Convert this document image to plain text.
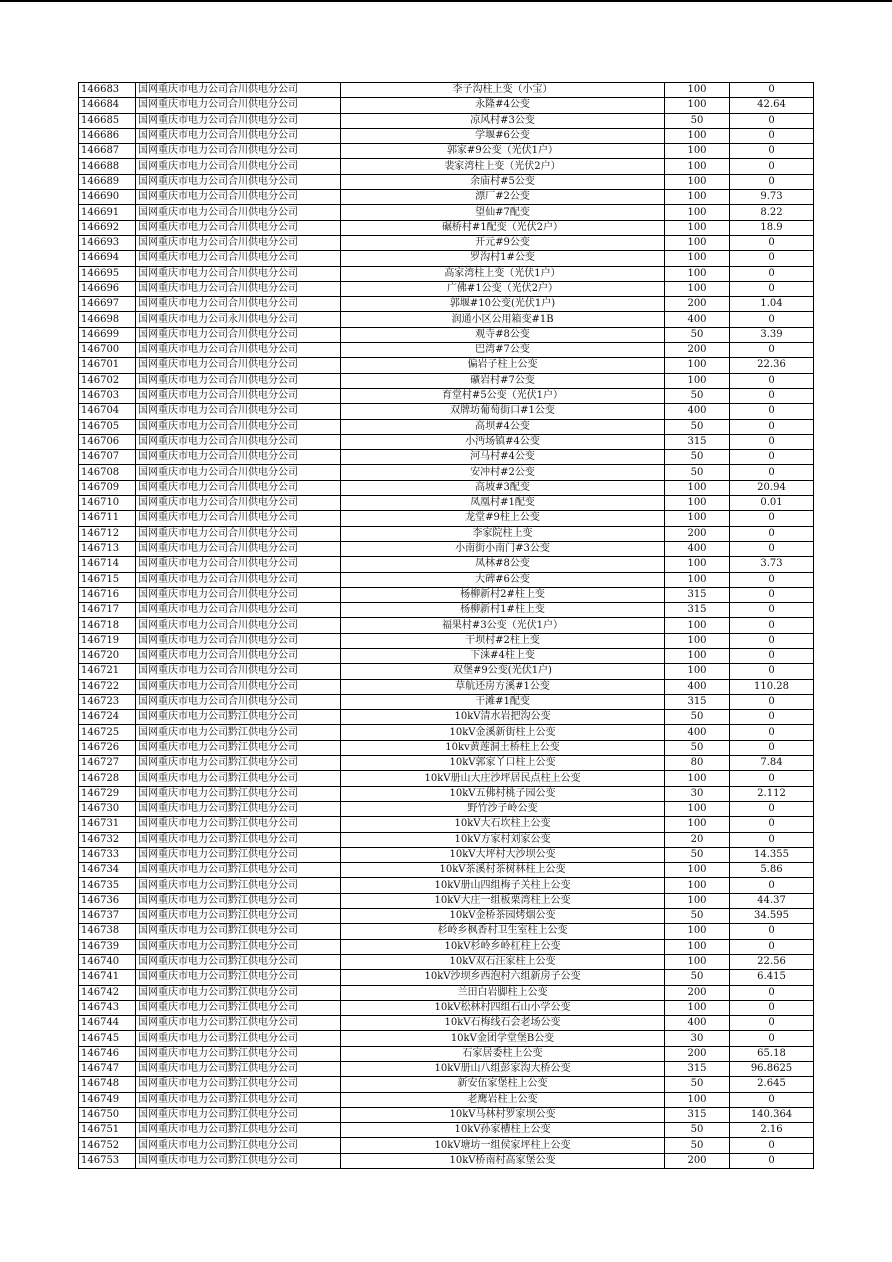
146683	国网重庆市电力公司合川供电分公司	李子沟柱上变（小宝）	100	0
146684	国网重庆市电力公司合川供电分公司	永隆#4公变	100	42.64
146685	国网重庆市电力公司合川供电分公司	凉风村#3公变	50	0
146686	国网重庆市电力公司合川供电分公司	学堰#6公变	100	0
146687	国网重庆市电力公司合川供电分公司	郭家#9公变（光伏1户）	100	0
146688	国网重庆市电力公司合川供电分公司	裴家湾柱上变（光伏2户）	100	0
146689	国网重庆市电力公司合川供电分公司	余庙村#5公变	100	0
146690	国网重庆市电力公司合川供电分公司	漂厂#2公变	100	9.73
146691	国网重庆市电力公司合川供电分公司	望仙#7配变	100	8.22
146692	国网重庆市电力公司合川供电分公司	碾桥村#1配变（光伏2户）	100	18.9
146693	国网重庆市电力公司合川供电分公司	开元#9公变	100	0
146694	国网重庆市电力公司合川供电分公司	罗沟村1#公变	100	0
146695	国网重庆市电力公司合川供电分公司	高家湾柱上变（光伏1户）	100	0
146696	国网重庆市电力公司合川供电分公司	广佛#1公变（光伏2户）	100	0
146697	国网重庆市电力公司合川供电分公司	郭堰#10公变(光伏1户)	200	1.04
146698	国网重庆市电力公司永川供电分公司	润通小区公用箱变#1B	400	0
146699	国网重庆市电力公司合川供电分公司	观寺#8公变	50	3.39
146700	国网重庆市电力公司合川供电分公司	巴湾#7公变	200	0
146701	国网重庆市电力公司合川供电分公司	偏岩子柱上公变	100	22.36
146702	国网重庆市电力公司合川供电分公司	礦岩村#7公变	100	0
146703	国网重庆市电力公司合川供电分公司	育堂村#5公变（光伏1户）	50	0
146704	国网重庆市电力公司合川供电分公司	双牌坊葡萄街口#1公变	400	0
146705	国网重庆市电力公司合川供电分公司	高坝#4公变	50	0
146706	国网重庆市电力公司合川供电分公司	小沔场镇#4公变	315	0
146707	国网重庆市电力公司合川供电分公司	河马村#4公变	50	0
146708	国网重庆市电力公司合川供电分公司	安冲村#2公变	50	0
146709	国网重庆市电力公司合川供电分公司	高坡#3配变	100	20.94
146710	国网重庆市电力公司合川供电分公司	凤凰村#1配变	100	0.01
146711	国网重庆市电力公司合川供电分公司	龙堂#9柱上公变	100	0
146712	国网重庆市电力公司合川供电分公司	李家院柱上变	200	0
146713	国网重庆市电力公司合川供电分公司	小南街小南门#3公变	400	0
146714	国网重庆市电力公司合川供电分公司	凤林#8公变	100	3.73
146715	国网重庆市电力公司合川供电分公司	大碑#6公变	100	0
146716	国网重庆市电力公司合川供电分公司	杨柳新村2#柱上变	315	0
146717	国网重庆市电力公司合川供电分公司	杨柳新村1#柱上变	315	0
146718	国网重庆市电力公司合川供电分公司	福果村#3公变（光伏1户）	100	0
146719	国网重庆市电力公司合川供电分公司	干坝村#2柱上变	100	0
146720	国网重庆市电力公司合川供电分公司	下涞#4柱上变	100	0
146721	国网重庆市电力公司合川供电分公司	双堡#9公变(光伏1户)	100	0
146722	国网重庆市电力公司合川供电分公司	草航还房方溪#1公变	400	110.28
146723	国网重庆市电力公司合川供电分公司	干滩#1配变	315	0
146724	国网重庆市电力公司黔江供电分公司	10kV清水岩把沟公变	50	0
146725	国网重庆市电力公司黔江供电分公司	10kV金溪新街柱上公变	400	0
146726	国网重庆市电力公司黔江供电分公司	10kv黄莲洞土桥柱上公变	50	0
146727	国网重庆市电力公司黔江供电分公司	10kV郭家丫口柱上公变	80	7.84
146728	国网重庆市电力公司黔江供电分公司	10kV册山大庄沙坪居民点柱上公变	100	0
146729	国网重庆市电力公司黔江供电分公司	10kV五佛村桃子园公变	30	2.112
146730	国网重庆市电力公司黔江供电分公司	野竹沙子岭公变	100	0
146731	国网重庆市电力公司黔江供电分公司	10kV大石坎柱上公变	100	0
146732	国网重庆市电力公司黔江供电分公司	10kV方家村刘家公变	20	0
146733	国网重庆市电力公司黔江供电分公司	10kV大坪村大沙坝公变	50	14.355
146734	国网重庆市电力公司黔江供电分公司	10kV茶溪村茶树林柱上公变	100	5.86
146735	国网重庆市电力公司黔江供电分公司	10kV册山四组梅子关柱上公变	100	0
146736	国网重庆市电力公司黔江供电分公司	10kV大庄一组板栗湾柱上公变	100	44.37
146737	国网重庆市电力公司黔江供电分公司	10kV金桥茶园烤烟公变	50	34.595
146738	国网重庆市电力公司黔江供电分公司	杉岭乡枫香村卫生室柱上公变	100	0
146739	国网重庆市电力公司黔江供电分公司	10kV杉岭乡岭杠柱上公变	100	0
146740	国网重庆市电力公司黔江供电分公司	10kV双石汪家柱上公变	100	22.56
146741	国网重庆市电力公司黔江供电分公司	10kV沙坝乡西泡村六组新房子公变	50	6.415
146742	国网重庆市电力公司黔江供电分公司	兰田白岩脚柱上公变	200	0
146743	国网重庆市电力公司黔江供电分公司	10kV松林村四组石山小学公变	100	0
146744	国网重庆市电力公司黔江供电分公司	10kV石梅线石会老场公变	400	0
146745	国网重庆市电力公司黔江供电分公司	10kV金团学堂堡B公变	30	0
146746	国网重庆市电力公司黔江供电分公司	石家居委柱上公变	200	65.18
146747	国网重庆市电力公司黔江供电分公司	10kV册山八组彭家沟大桥公变	315	96.8625
146748	国网重庆市电力公司黔江供电分公司	新安伍家堡柱上公变	50	2.645
146749	国网重庆市电力公司黔江供电分公司	老鹰岩柱上公变	100	0
146750	国网重庆市电力公司黔江供电分公司	10kV马林村罗家坝公变	315	140.364
146751	国网重庆市电力公司黔江供电分公司	10kV孙家槽柱上公变	50	2.16
146752	国网重庆市电力公司黔江供电分公司	10kV塘坊一组侯家坪柱上公变	50	0
146753	国网重庆市电力公司黔江供电分公司	10kV桥南村高家堡公变	200	0
